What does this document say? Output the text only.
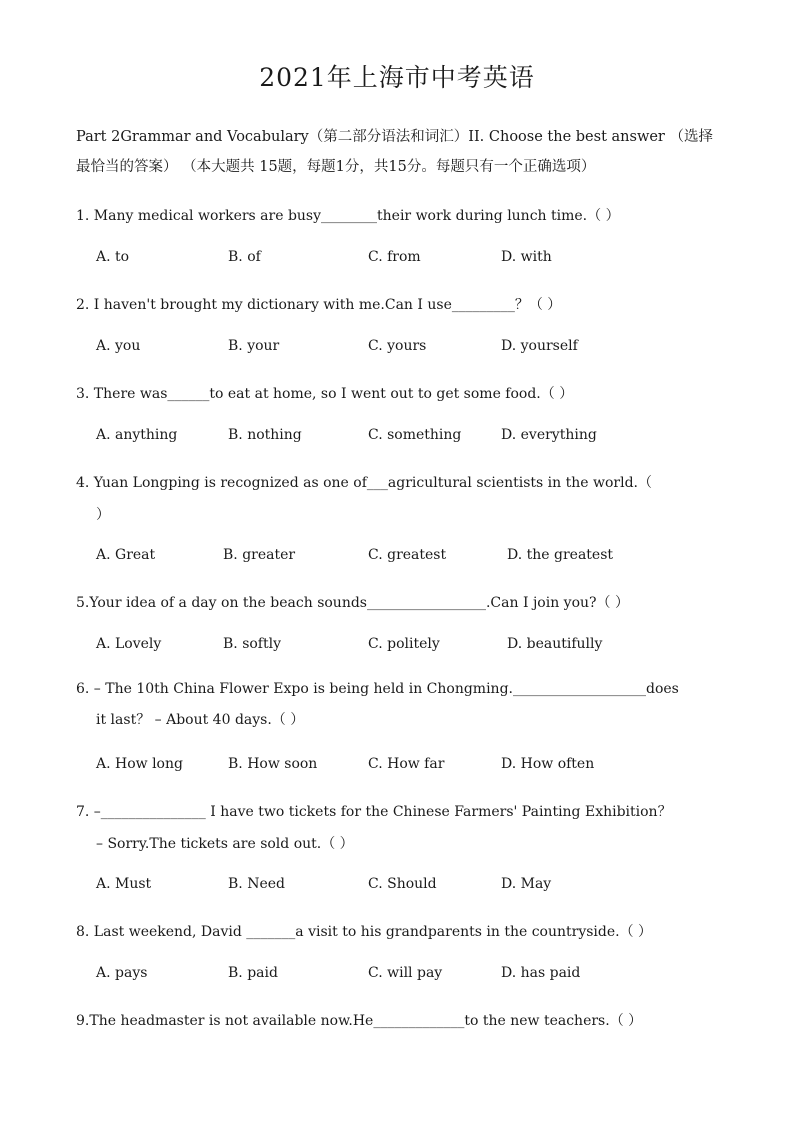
2021年上海市中考英语
Part 2Grammar and Vocabulary（第二部分语法和词汇）II. Choose the best answer （选择
最恰当的答案） （本大题共 15题，每题1分，共15分。每题只有一个正确选项）
1. Many medical workers are busy________their work during lunch time.（ ）
A. to	B. of	C. from	D. with
2. I haven't brought my dictionary with me.Can I use_________？（ ）
A. you	B. your	C. yours	D. yourself
3. There was______to eat at home, so I went out to get some food.（ ）
A. anything	B. nothing	C. something	D. everything
4. Yuan Longping is recognized as one of___agricultural scientists in the world.（
）
A. Great	B. greater	C. greatest	D. the greatest
5.Your idea of a day on the beach sounds_________________.Can I join you?（ ）
A. Lovely	B. softly	C. politely	D. beautifully
6. – The 10th China Flower Expo is being held in Chongming.___________________does
it last？ – About 40 days.（ ）
A. How long	B. How soon	C. How far	D. How often
7. –_______________ I have two tickets for the Chinese Farmers' Painting Exhibition？
– Sorry.The tickets are sold out.（ ）
A. Must	B. Need	C. Should	D. May
8. Last weekend, David _______a visit to his grandparents in the countryside.（ ）
A. pays	B. paid	C. will pay	D. has paid
9.The headmaster is not available now.He_____________to the new teachers.（ ）
